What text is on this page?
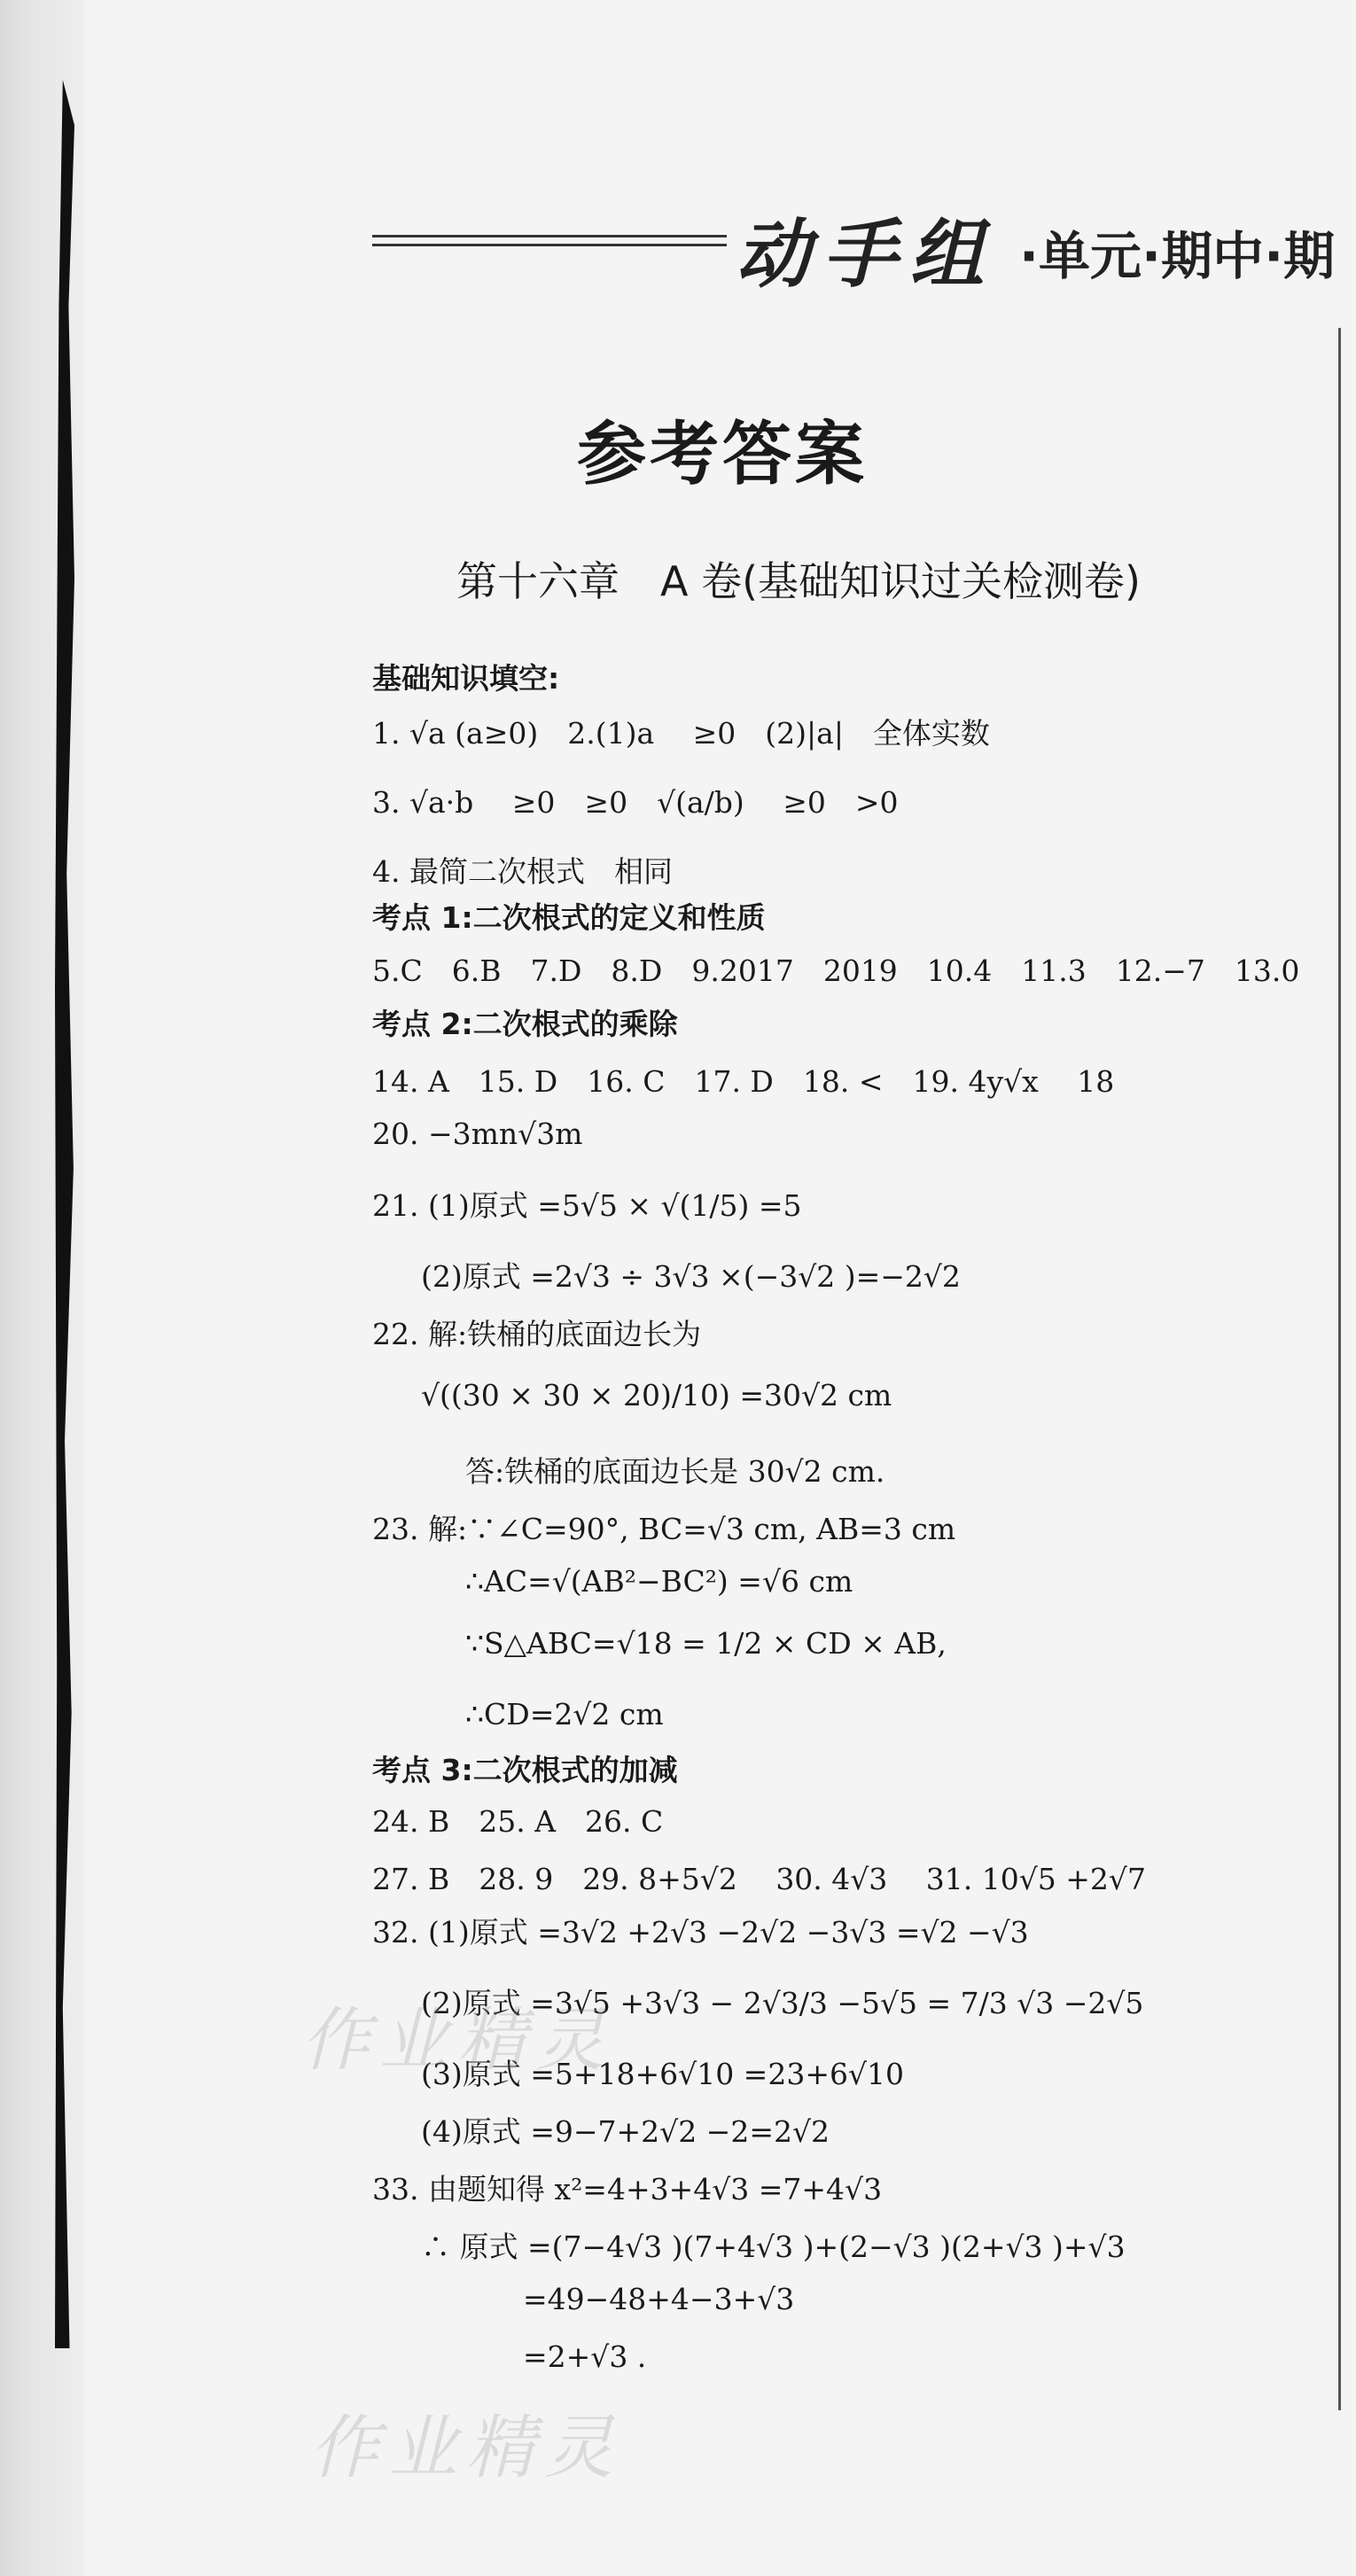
动手组 ·单元·期中·期
参考答案
第十六章　A 卷(基础知识过关检测卷)
基础知识填空:
1. √a (a≥0)　2.(1)a　 ≥0　(2)|a|　全体实数
3. √a·b　 ≥0　≥0　√(a/b)　 ≥0　>0
4. 最简二次根式　相同
考点 1:二次根式的定义和性质
5.C　6.B　7.D　8.D　9.2017　2019　10.4　11.3　12.−7　13.0
考点 2:二次根式的乘除
14. A　15. D　16. C　17. D　18. <　19. 4y√x　 18
20. −3mn√3m
21. (1)原式 =5√5 × √(1/5) =5
(2)原式 =2√3 ÷ 3√3 ×(−3√2 )=−2√2
22. 解:铁桶的底面边长为
√((30 × 30 × 20)/10) =30√2 cm
答:铁桶的底面边长是 30√2 cm.
23. 解:∵∠C=90°, BC=√3 cm, AB=3 cm
∴AC=√(AB²−BC²) =√6 cm
∵S△ABC=√18 = 1/2 × CD × AB,
∴CD=2√2 cm
考点 3:二次根式的加减
24. B　25. A　26. C
27. B　28. 9　29. 8+5√2　 30. 4√3　 31. 10√5 +2√7
32. (1)原式 =3√2 +2√3 −2√2 −3√3 =√2 −√3
(2)原式 =3√5 +3√3 − 2√3/3 −5√5 = 7/3 √3 −2√5
(3)原式 =5+18+6√10 =23+6√10
(4)原式 =9−7+2√2 −2=2√2
33. 由题知得 x²=4+3+4√3 =7+4√3
∴ 原式 =(7−4√3 )(7+4√3 )+(2−√3 )(2+√3 )+√3
=49−48+4−3+√3
=2+√3 .
作业精灵
作业精灵
